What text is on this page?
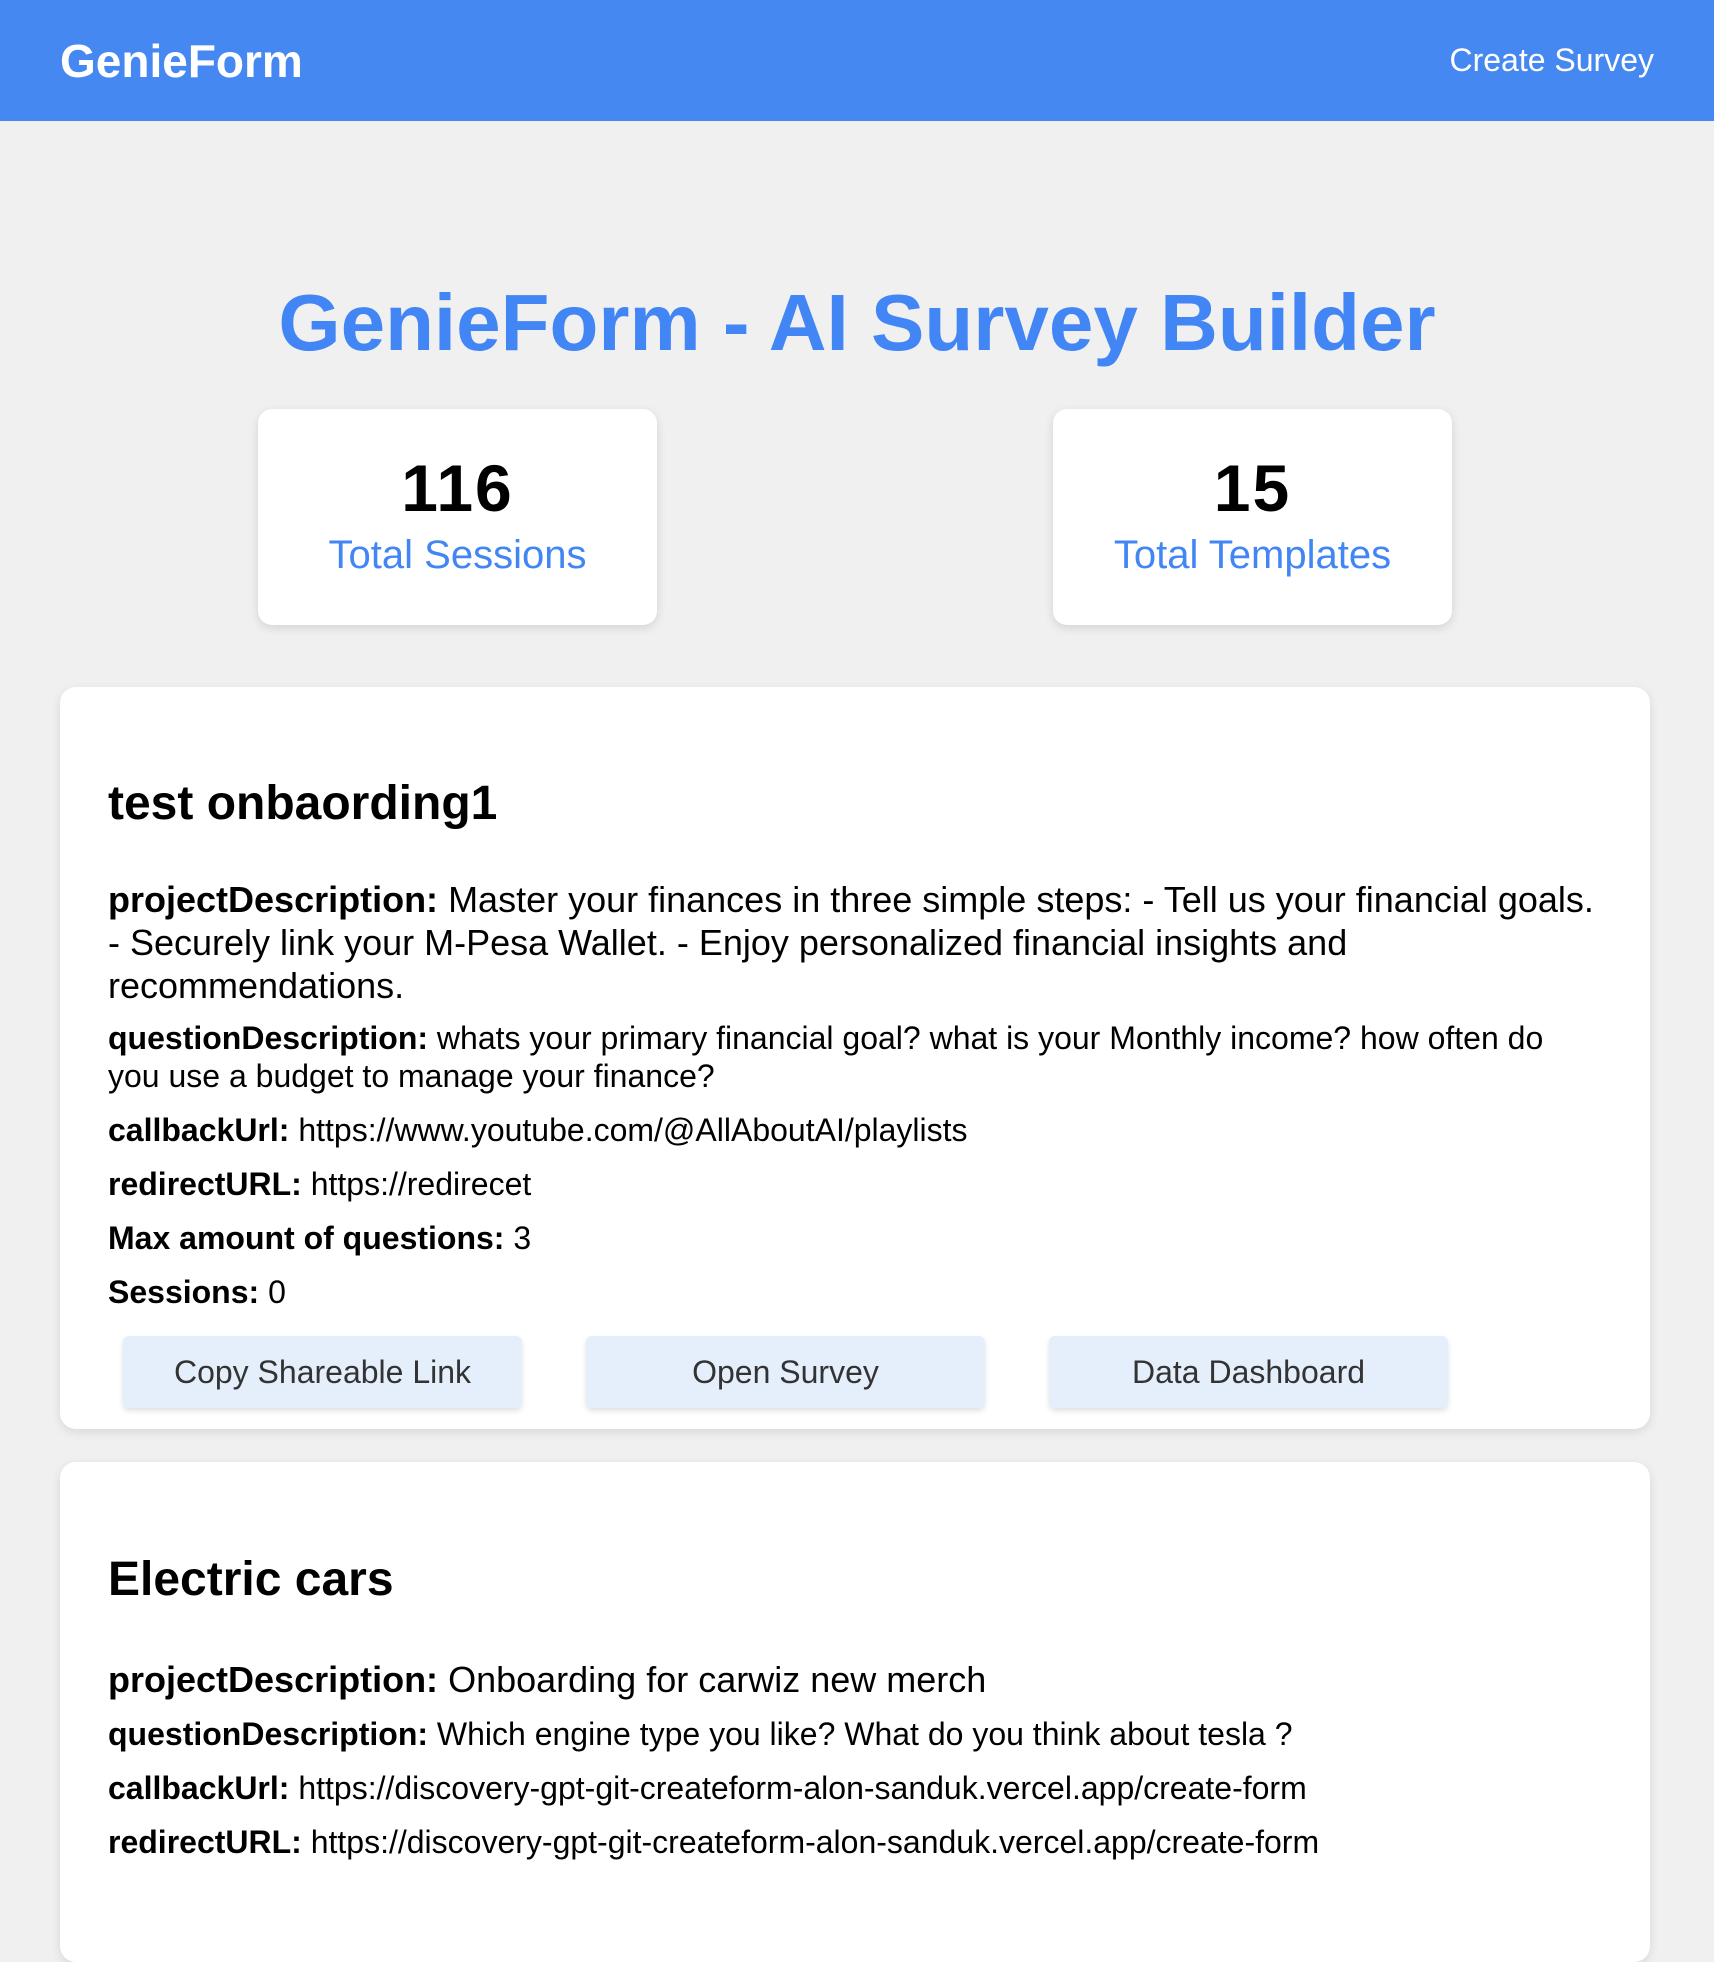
GenieForm	Create Survey
GenieForm - AI Survey Builder
116
Total Sessions
15
Total Templates
test onbaording1

projectDescription: Master your finances in three simple steps: - Tell us your financial goals. - Securely link your M-Pesa Wallet. - Enjoy personalized financial insights and recommendations.

questionDescription: whats your primary financial goal? what is your Monthly income? how often do you use a budget to manage your finance?

callbackUrl: https://www.youtube.com/@AllAboutAI/playlists

redirectURL: https://redirecet

Max amount of questions: 3

Sessions: 0

Copy Shareable Link	Open Survey	Data Dashboard
Electric cars

projectDescription: Onboarding for carwiz new merch

questionDescription: Which engine type you like? What do you think about tesla ?

callbackUrl: https://discovery-gpt-git-createform-alon-sanduk.vercel.app/create-form

redirectURL: https://discovery-gpt-git-createform-alon-sanduk.vercel.app/create-form
